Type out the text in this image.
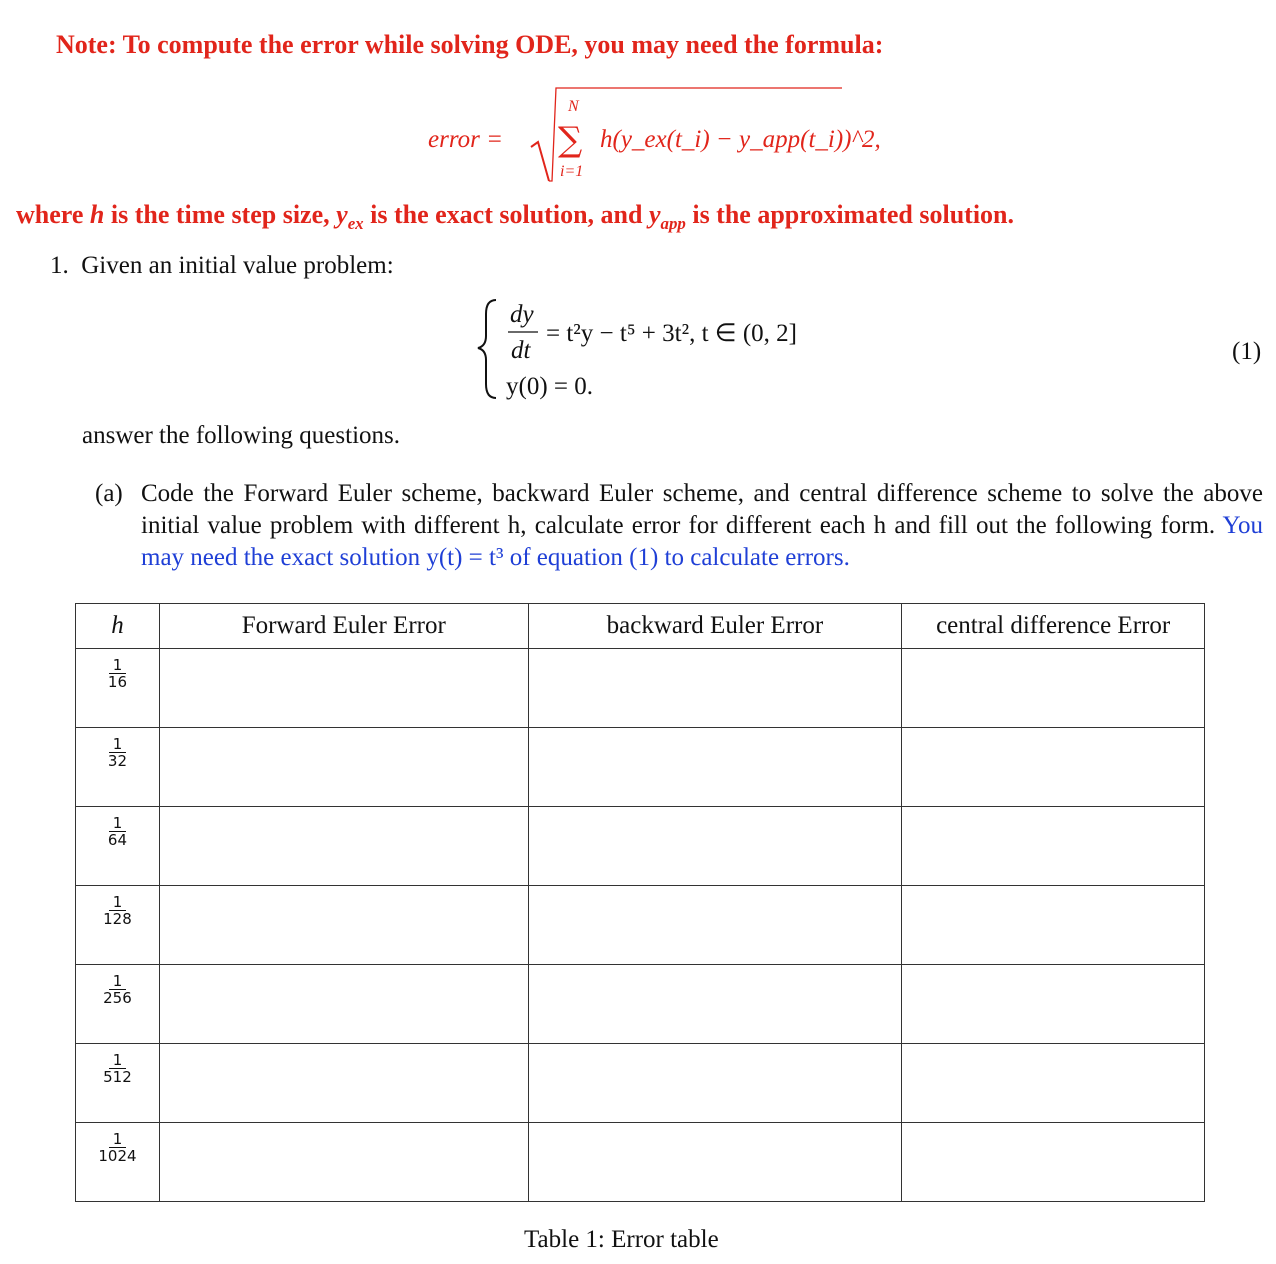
Note: To compute the error while solving ODE, you may need the formula:
error =
N
∑
i=1
h(y_ex(t_i) − y_app(t_i))^2,
where h is the time step size, $y_{ex}$ is the exact solution, and $y_{app}$ is the approximated solution.
1. Given an initial value problem:
dy
dt
= t²y − t⁵ + 3t², t ∈ (0, 2]
y(0) = 0.
(1)
answer the following questions.
(a) Code the Forward Euler scheme, backward Euler scheme, and central difference scheme to solve the above initial value problem with different h, calculate error for different each h and fill out the following form. You may need the exact solution y(t) = t³ of equation (1) to calculate errors.
h	Forward Euler Error	backward Euler Error	central difference Error

$\frac{1}{16}$

$\frac{1}{32}$

$\frac{1}{64}$

$\frac{1}{128}$

$\frac{1}{256}$

$\frac{1}{512}$

$\frac{1}{1024}$

Table 1: Error table
